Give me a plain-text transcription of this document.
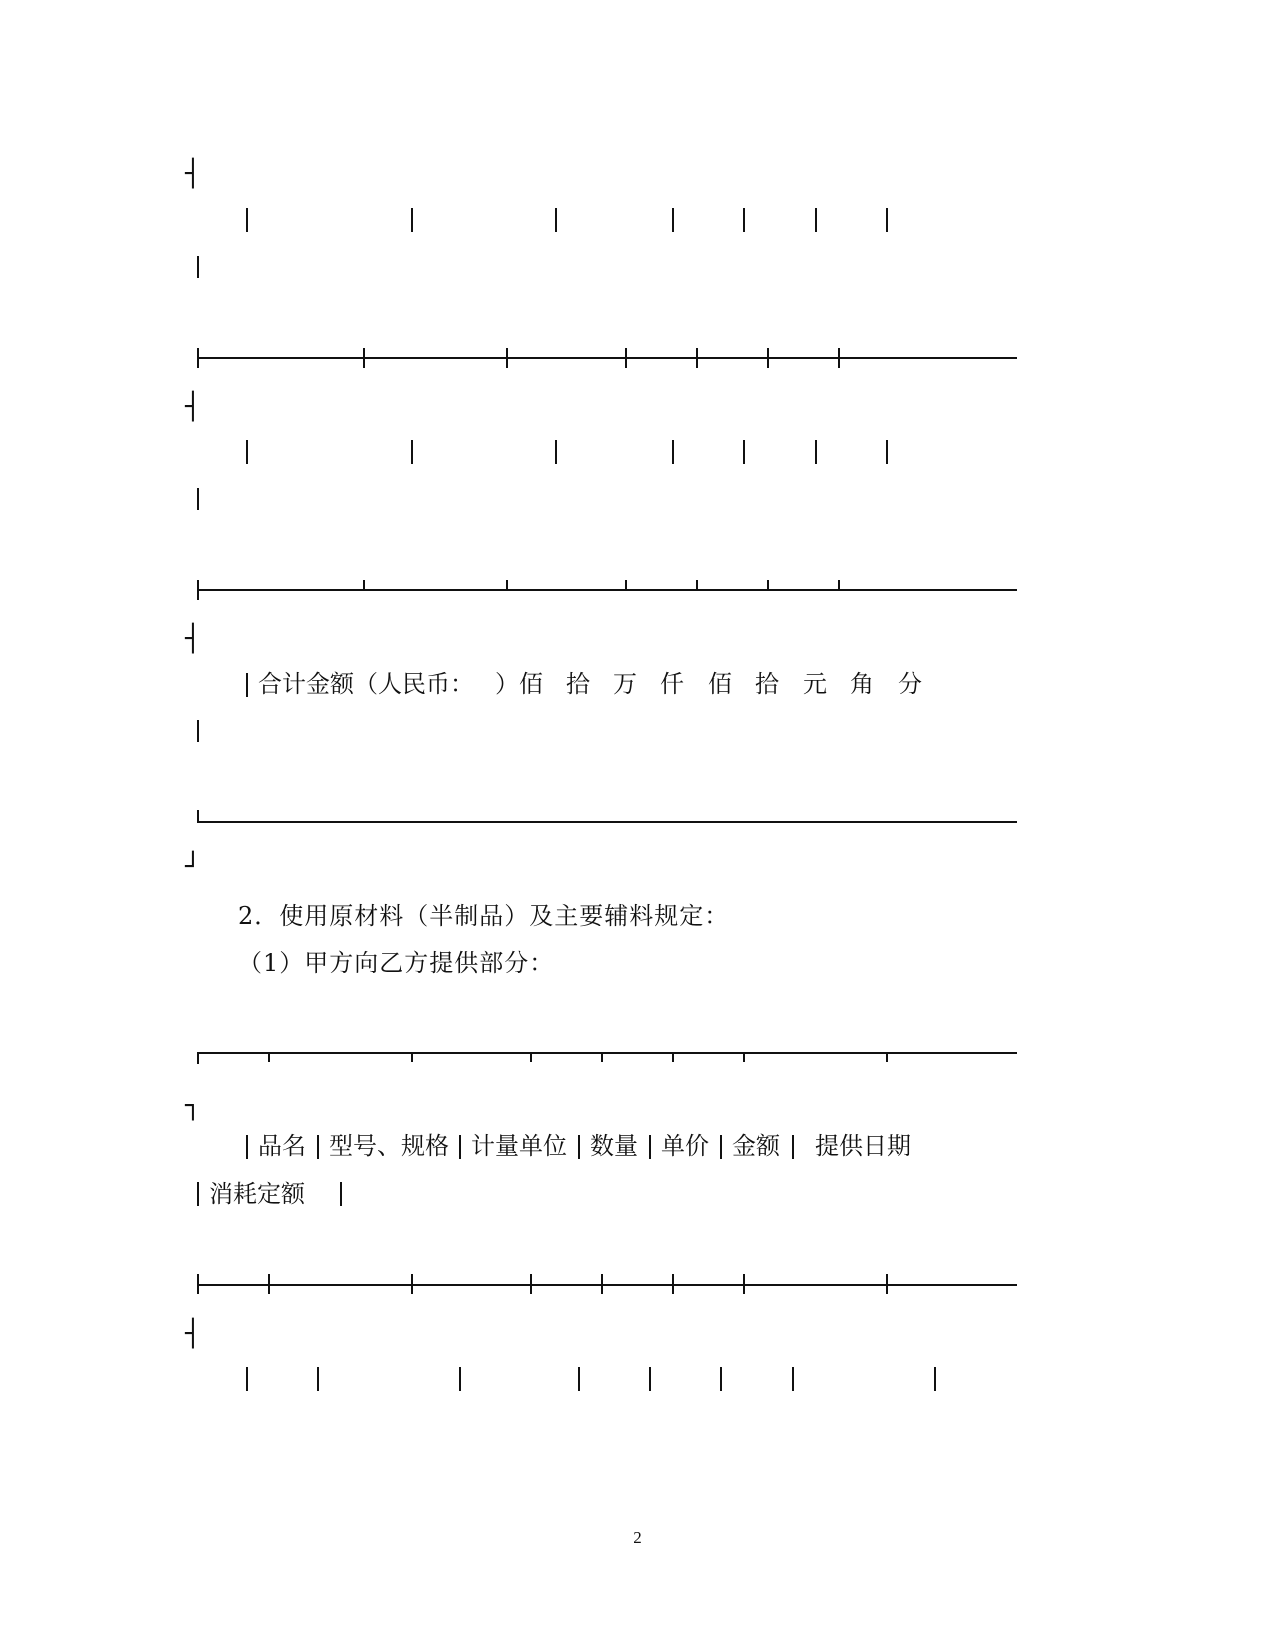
┤
┤
┤
合计金额（人民币： ） 佰 拾 万 仟 佰 拾 元 角 分
┘
2．使用原材料（半制品）及主要辅料规定：
（1）甲方向乙方提供部分：
┐
品名 型号、规格 计量单位 数量 单价 金额 提供日期
消耗定额
┤
2
